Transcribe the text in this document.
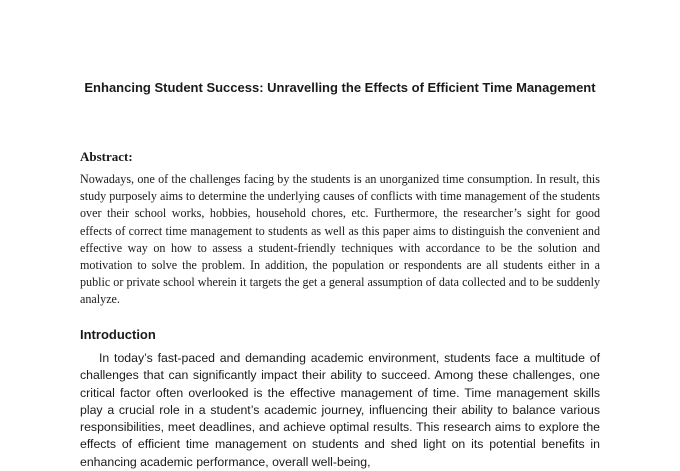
Enhancing Student Success: Unravelling the Effects of Efficient Time Management
Abstract:

Nowadays, one of the challenges facing by the students is an unorganized time consumption. In result, this study purposely aims to determine the underlying causes of conflicts with time management of the students over their school works, hobbies, household chores, etc. Furthermore, the researcher’s sight for good effects of correct time management to students as well as this paper aims to distinguish the convenient and effective way on how to assess a student-friendly techniques with accordance to be the solution and motivation to solve the problem. In addition, the population or respondents are all students either in a public or private school wherein it targets the get a general assumption of data collected and to be suddenly analyze.

Introduction

In today’s fast-paced and demanding academic environment, students face a multitude of challenges that can significantly impact their ability to succeed. Among these challenges, one critical factor often overlooked is the effective management of time. Time management skills play a crucial role in a student’s academic journey, influencing their ability to balance various responsibilities, meet deadlines, and achieve optimal results. This research aims to explore the effects of efficient time management on students and shed light on its potential benefits in enhancing academic performance, overall well-being,
